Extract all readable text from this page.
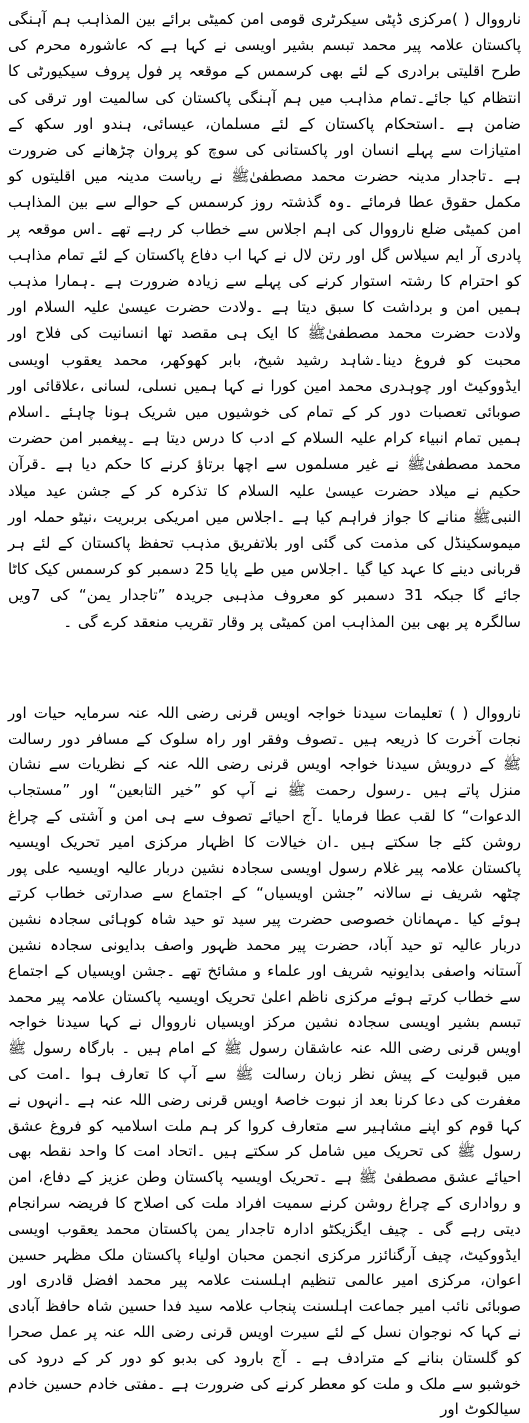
نارووال ( )مرکزی ڈپٹی سیکرٹری قومی امن کمیٹی برائے بین المذاہب ہم آہنگی پاکستان علامہ پیر محمد تبسم بشیر اویسی نے کہا ہے کہ عاشورہ محرم کی طرح اقلیتی برادری کے لئے بھی کرسمس کے موقعہ پر فول پروف سیکیورٹی کا انتظام کیا جائے۔تمام مذاہب میں ہم آہنگی پاکستان کی سالمیت اور ترقی کی ضامن ہے ۔استحکام پاکستان کے لئے مسلمان، عیسائی، ہندو اور سکھ کے امتیازات سے پہلے انسان اور پاکستانی کی سوچ کو پروان چڑھانے کی ضرورت ہے ۔تاجدار مدینہ حضرت محمد مصطفیٰﷺ نے ریاست مدینہ میں اقلیتوں کو مکمل حقوق عطا فرمائے ۔وہ گذشتہ روز کرسمس کے حوالے سے بین المذاہب امن کمیٹی ضلع نارووال کی اہم اجلاس سے خطاب کر رہے تھے ۔اس موقعہ پر پادری آر ایم سیلاس گل اور رتن لال نے کہا اب دفاع پاکستان کے لئے تمام مذاہب کو احترام کا رشتہ استوار کرنے کی پہلے سے زیادہ ضرورت ہے ۔ہمارا مذہب ہمیں امن و برداشت کا سبق دیتا ہے ۔ولادت حضرت عیسیٰ علیہ السلام اور ولادت حضرت محمد مصطفیٰﷺ کا ایک ہی مقصد تھا انسانیت کی فلاح اور محبت کو فروغ دینا۔شاہد رشید شیخ، بابر کھوکھر، محمد یعقوب اویسی ایڈووکیٹ اور چوہدری محمد امین کورا نے کہا ہمیں نسلی، لسانی ،علاقائی اور صوبائی تعصبات دور کر کے تمام کی خوشیوں میں شریک ہونا چاہئے ۔اسلام ہمیں تمام انبیاء کرام علیہ السلام کے ادب کا درس دیتا ہے ۔پیغمبر امن حضرت محمد مصطفیٰﷺ نے غیر مسلموں سے اچھا برتاؤ کرنے کا حکم دیا ہے ۔قرآن حکیم نے میلاد حضرت عیسیٰ علیہ السلام کا تذکرہ کر کے جشن عید میلاد النبیﷺ منانے کا جواز فراہم کیا ہے ۔اجلاس میں امریکی بربریت ،نیٹو حملہ اور میموسکینڈل کی مذمت کی گئی اور بلاتفریق مذہب تحفظ پاکستان کے لئے ہر قربانی دینے کا عہد کیا گیا ۔اجلاس میں طے پایا 25 دسمبر کو کرسمس کیک کاٹا جائے گا جبکہ 31 دسمبر کو معروف مذہبی جریدہ ”تاجدار یمن“ کی 7ویں سالگرہ پر بھی بین المذاہب امن کمیٹی پر وقار تقریب منعقد کرے گی ۔

نارووال ( ) تعلیمات سیدنا خواجہ اویس قرنی رضی اللہ عنہ سرمایہ حیات اور نجات آخرت کا ذریعہ ہیں ۔تصوف وفقر اور راہ سلوک کے مسافر دور رسالت ﷺ کے درویش سیدنا خواجہ اویس قرنی رضی اللہ عنہ کے نظریات سے نشان منزل پاتے ہیں ۔رسول رحمت ﷺ نے آپ کو ”خیر التابعین“ اور ”مستجاب الدعوات“ کا لقب عطا فرمایا ۔آج احیائے تصوف سے ہی امن و آشتی کے چراغ روشن کئے جا سکتے ہیں ۔ان خیالات کا اظہار مرکزی امیر تحریک اویسیہ پاکستان علامہ پیر غلام رسول اویسی سجادہ نشین دربار عالیہ اویسیہ علی پور چٹھہ شریف نے سالانہ ”جشن اویسیاں“ کے اجتماع سے صدارتی خطاب کرتے ہوئے کیا ۔مہمانان خصوصی حضرت پیر سید تو حید شاہ کوہائی سجادہ نشین دربار عالیہ تو حید آباد، حضرت پیر محمد ظہور واصف بدایونی سجادہ نشین آستانہ واصفی بدایونیہ شریف اور علماء و مشائخ تھے ۔جشن اویسیاں کے اجتماع سے خطاب کرتے ہوئے مرکزی ناظم اعلیٰ تحریک اویسیہ پاکستان علامہ پیر محمد تبسم بشیر اویسی سجادہ نشین مرکز اویسیاں نارووال نے کہا سیدنا خواجہ اویس قرنی رضی اللہ عنہ عاشقان رسول ﷺ کے امام ہیں ۔ بارگاہ رسول ﷺ میں قبولیت کے پیش نظر زبان رسالت ﷺ سے آپ کا تعارف ہوا ۔امت کی مغفرت کی دعا کرنا بعد از نبوت خاصۂ اویس قرنی رضی اللہ عنہ ہے ۔انہوں نے کہا قوم کو اپنے مشاہیر سے متعارف کروا کر ہم ملت اسلامیہ کو فروغ عشق رسول ﷺ کی تحریک میں شامل کر سکتے ہیں ۔اتحاد امت کا واحد نقطہ بھی احیائے عشق مصطفیٰ ﷺ ہے ۔تحریک اویسیہ پاکستان وطن عزیز کے دفاع، امن و رواداری کے چراغ روشن کرنے سمیت افراد ملت کی اصلاح کا فریضہ سرانجام دیتی رہے گی ۔ چیف ایگزیکٹو ادارہ تاجدار یمن پاکستان محمد یعقوب اویسی ایڈووکیٹ، چیف آرگنائزر مرکزی انجمن محبان اولیاء پاکستان ملک مظہر حسین اعوان، مرکزی امیر عالمی تنظیم اہلسنت علامہ پیر محمد افضل قادری اور صوبائی نائب امیر جماعت اہلسنت پنجاب علامہ سید فدا حسین شاہ حافظ آبادی نے کہا کہ نوجوان نسل کے لئے سیرت اویس قرنی رضی اللہ عنہ پر عمل صحرا کو گلستان بنانے کے مترادف ہے ۔ آج بارود کی بدبو کو دور کر کے درود کی خوشبو سے ملک و ملت کو معطر کرنے کی ضرورت ہے ۔مفتی خادم حسین خادم سیالکوٹ اور
